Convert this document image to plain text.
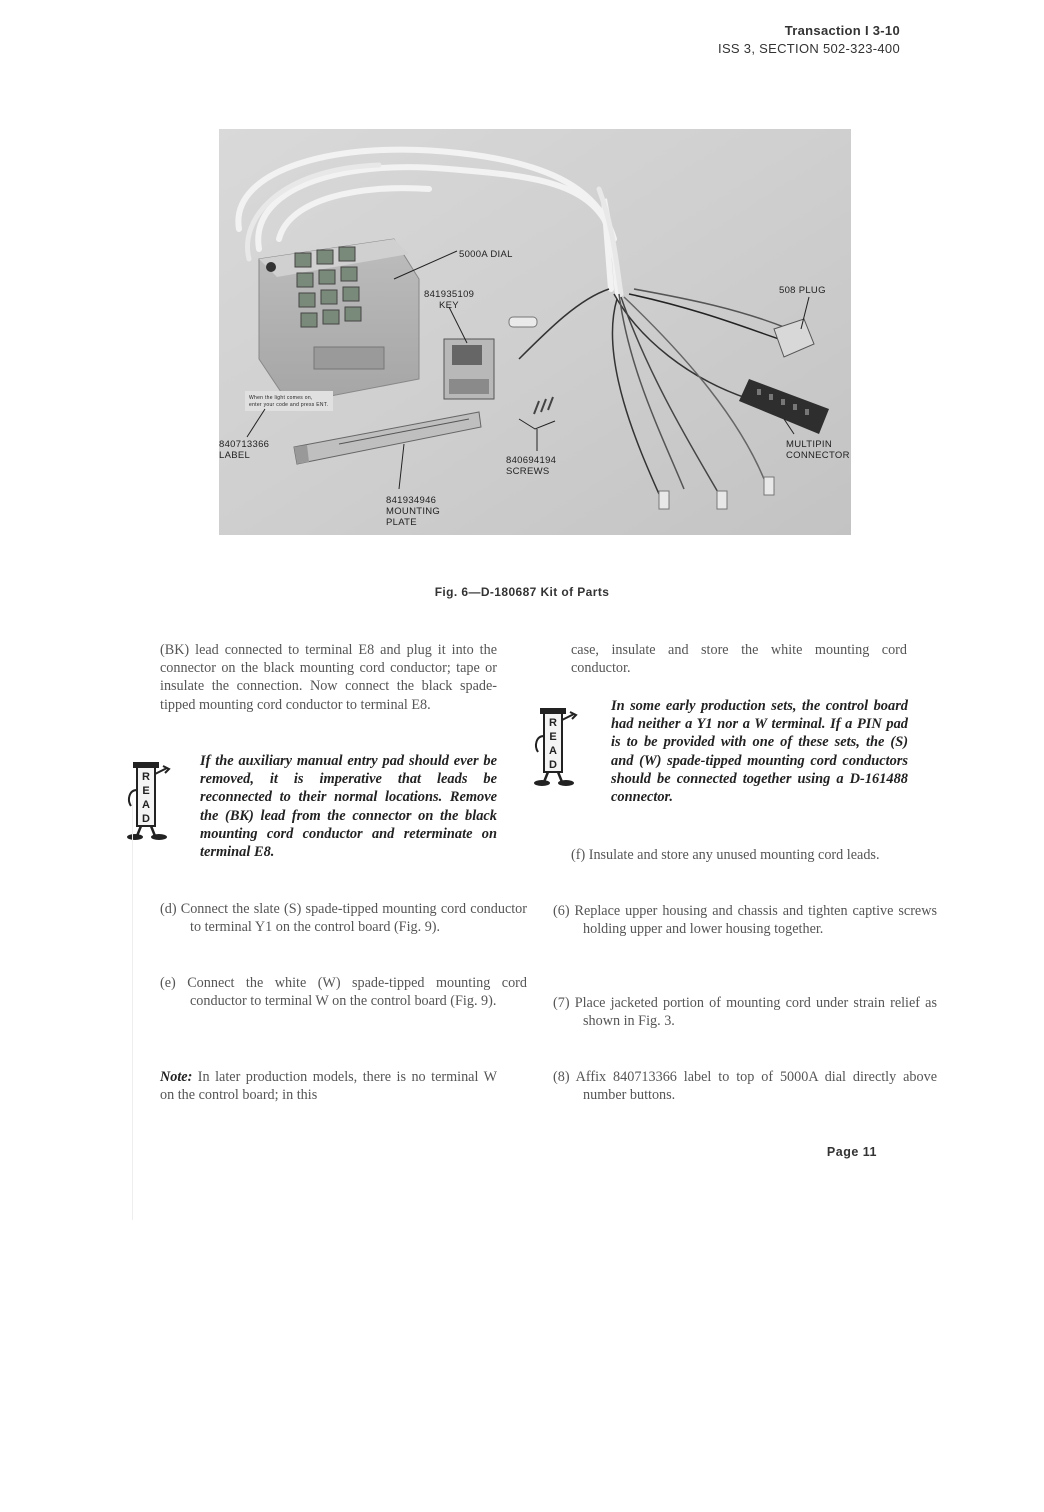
Transaction I 3-10
ISS 3, SECTION 502-323-400
When the light comes on,
enter your code and press ENT.
5000A DIAL
841935109
KEY
508 PLUG
840713366
LABEL	840694194
SCREWS
MULTIPIN
CONNECTOR
841934946
MOUNTING
PLATE
Fig. 6—D-180687 Kit of Parts

(BK) lead connected to terminal E8 and plug it into the connector on the black mounting cord conductor; tape or insulate the connection. Now connect the black spade-tipped mounting cord conductor to terminal E8.

R
E
A
D

If the auxiliary manual entry pad should ever be removed, it is imperative that leads be reconnected to their normal locations. Remove the (BK) lead from the connector on the black mounting cord conductor and reterminate on terminal E8.

(d) Connect the slate (S) spade-tipped mounting cord conductor to terminal Y1 on the control board (Fig. 9).

(e) Connect the white (W) spade-tipped mounting cord conductor to terminal W on the control board (Fig. 9).

Note: In later production models, there is no terminal W on the control board; in this

case, insulate and store the white mounting cord conductor.

R
E
A
D

In some early production sets, the control board had neither a Y1 nor a W terminal. If a PIN pad is to be provided with one of these sets, the (S) and (W) spade-tipped mounting cord conductors should be connected together using a D-161488 connector.

(f) Insulate and store any unused mounting cord leads.

(6) Replace upper housing and chassis and tighten captive screws holding upper and lower housing together.

(7) Place jacketed portion of mounting cord under strain relief as shown in Fig. 3.

(8) Affix 840713366 label to top of 5000A dial directly above number buttons.

Page 11
